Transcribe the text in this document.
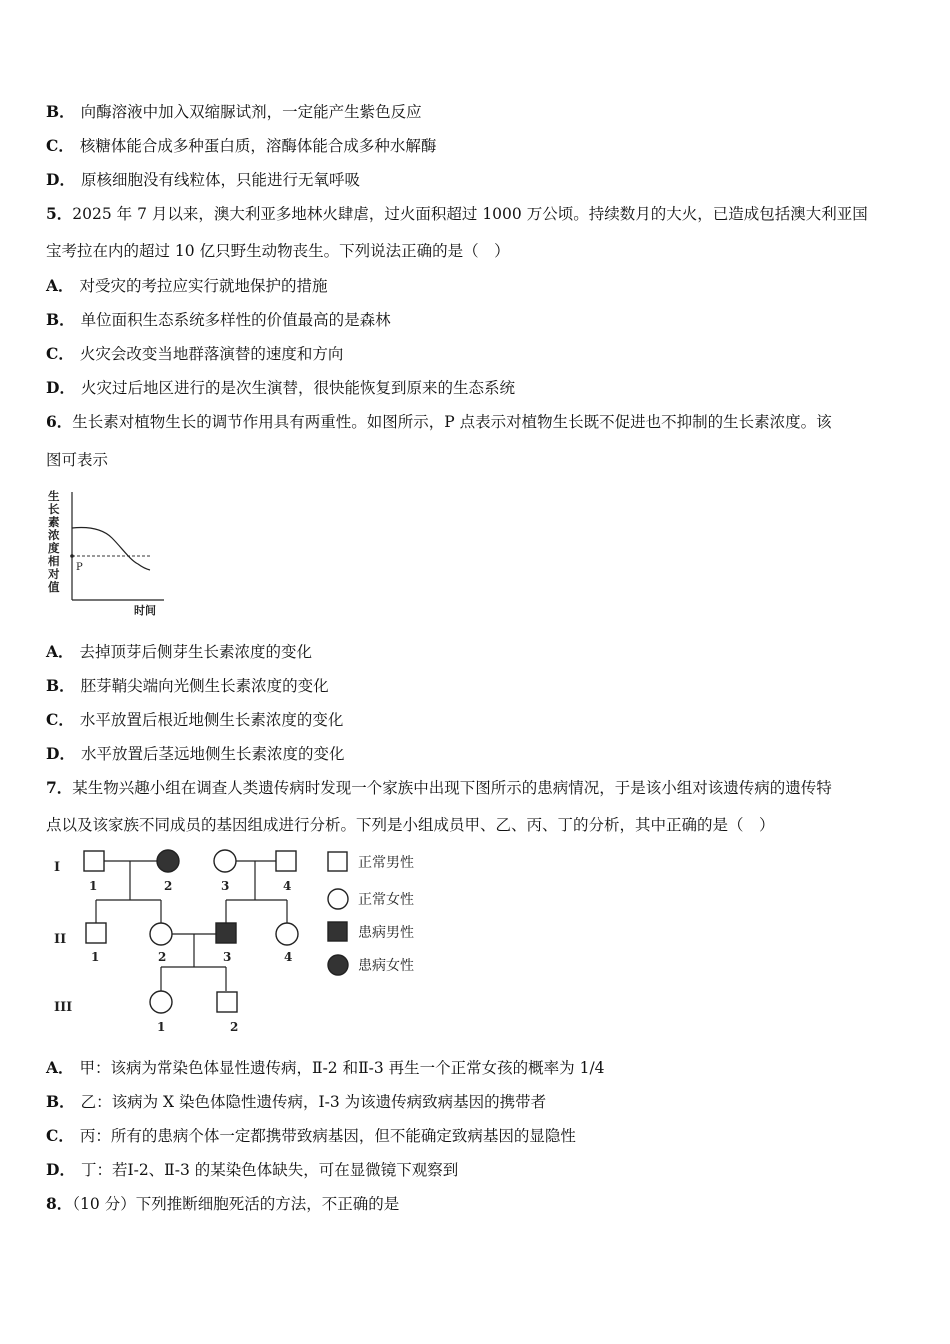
B． 向酶溶液中加入双缩脲试剂，一定能产生紫色反应
C． 核糖体能合成多种蛋白质，溶酶体能合成多种水解酶
D． 原核细胞没有线粒体，只能进行无氧呼吸
5．2025 年 7 月以来，澳大利亚多地林火肆虐，过火面积超过 1000 万公顷。持续数月的大火，已造成包括澳大利亚国
宝考拉在内的超过 10 亿只野生动物丧生。下列说法正确的是（　）
A． 对受灾的考拉应实行就地保护的措施
B． 单位面积生态系统多样性的价值最高的是森林
C． 火灾会改变当地群落演替的速度和方向
D． 火灾过后地区进行的是次生演替，很快能恢复到原来的生态系统
6．生长素对植物生长的调节作用具有两重性。如图所示，P 点表示对植物生长既不促进也不抑制的生长素浓度。该
图可表示
生
长
素
浓
度
相
对
值
P
时间
A． 去掉顶芽后侧芽生长素浓度的变化
B． 胚芽鞘尖端向光侧生长素浓度的变化
C． 水平放置后根近地侧生长素浓度的变化
D． 水平放置后茎远地侧生长素浓度的变化
7．某生物兴趣小组在调查人类遗传病时发现一个家族中出现下图所示的患病情况，于是该小组对该遗传病的遗传特
点以及该家族不同成员的基因组成进行分析。下列是小组成员甲、乙、丙、丁的分析，其中正确的是（　）
I
II
III
1	2	3	4
1	2	3	4
1	2
正常男性
正常女性
患病男性
患病女性
A． 甲：该病为常染色体显性遗传病，Ⅱ-2 和Ⅱ-3 再生一个正常女孩的概率为 1/4
B． 乙：该病为 X 染色体隐性遗传病，Ⅰ-3 为该遗传病致病基因的携带者
C． 丙：所有的患病个体一定都携带致病基因，但不能确定致病基因的显隐性
D． 丁：若Ⅰ-2、Ⅱ-3 的某染色体缺失，可在显微镜下观察到
8．（10 分）下列推断细胞死活的方法，不正确的是
